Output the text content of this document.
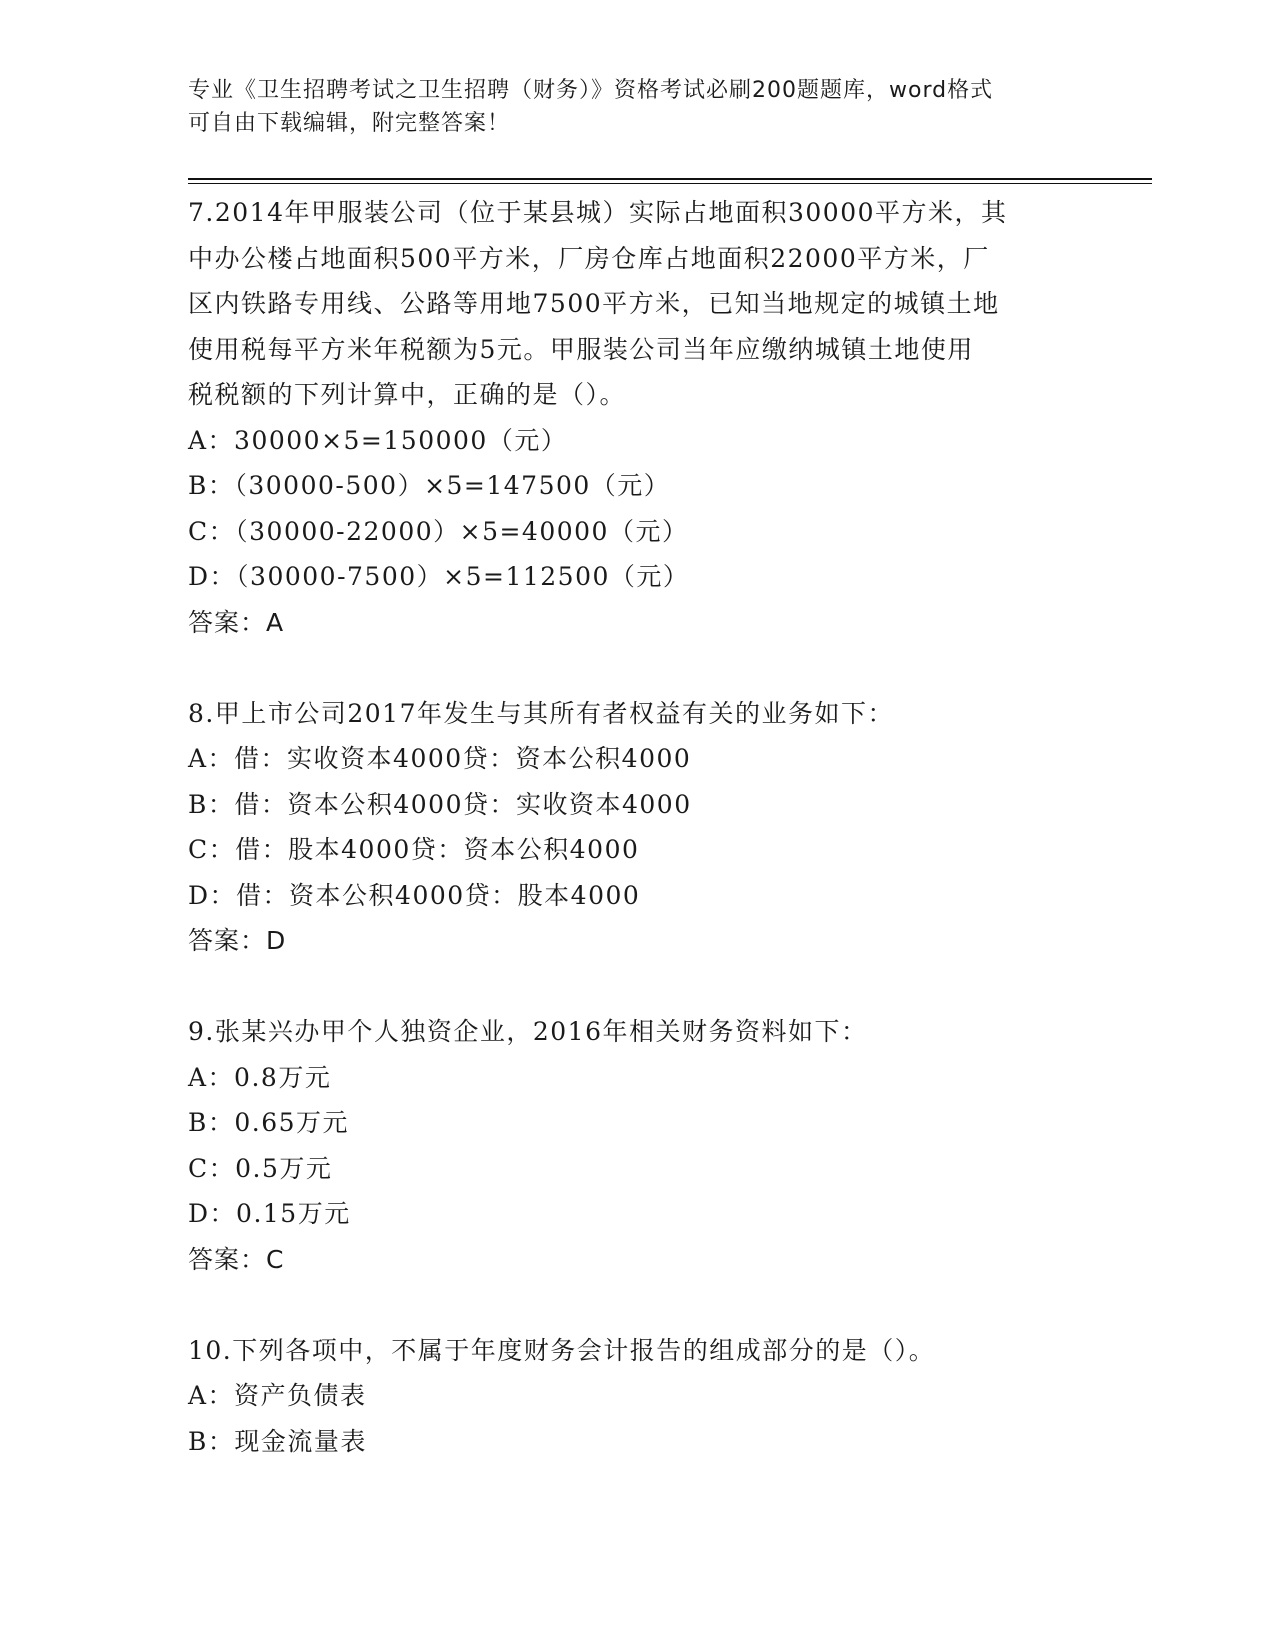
专业《卫生招聘考试之卫生招聘（财务）》资格考试必刷200题题库，word格式
可自由下载编辑，附完整答案！
7.2014年甲服装公司（位于某县城）实际占地面积30000平方米，其
中办公楼占地面积500平方米，厂房仓库占地面积22000平方米，厂
区内铁路专用线、公路等用地7500平方米，已知当地规定的城镇土地
使用税每平方米年税额为5元。甲服装公司当年应缴纳城镇土地使用
税税额的下列计算中，正确的是（）。
A：30000×5=150000（元）
B：（30000-500）×5=147500（元）
C：（30000-22000）×5=40000（元）
D：（30000-7500）×5=112500（元）
答案：A
8.甲上市公司2017年发生与其所有者权益有关的业务如下：
A：借：实收资本4000贷：资本公积4000
B：借：资本公积4000贷：实收资本4000
C：借：股本4000贷：资本公积4000
D：借：资本公积4000贷：股本4000
答案：D
9.张某兴办甲个人独资企业，2016年相关财务资料如下：
A：0.8万元
B：0.65万元
C：0.5万元
D：0.15万元
答案：C
10.下列各项中，不属于年度财务会计报告的组成部分的是（）。
A：资产负债表
B：现金流量表
